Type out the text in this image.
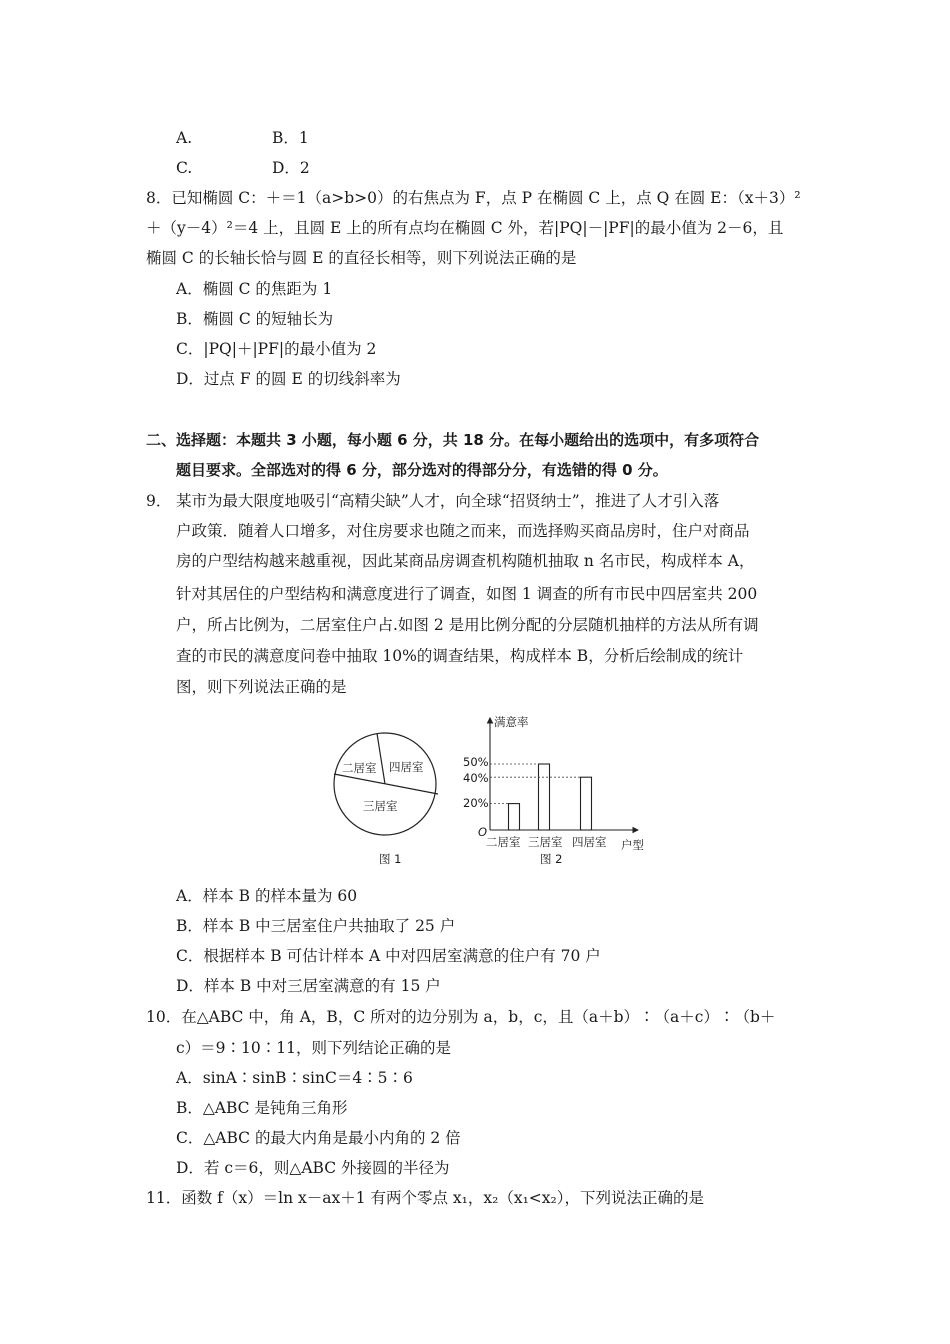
A.	B．1
C.	D．2
8．已知椭圆 C：＋＝1（a>b>0）的右焦点为 F，点 P 在椭圆 C 上，点 Q 在圆 E：（x＋3）²
＋（y－4）²＝4 上，且圆 E 上的所有点均在椭圆 C 外，若|PQ|－|PF|的最小值为 2－6，且
椭圆 C 的长轴长恰与圆 E 的直径长相等，则下列说法正确的是
A．椭圆 C 的焦距为 1
B．椭圆 C 的短轴长为
C．|PQ|＋|PF|的最小值为 2
D．过点 F 的圆 E 的切线斜率为
二、选择题：本题共 3 小题，每小题 6 分，共 18 分。在每小题给出的选项中，有多项符合
题目要求。全部选对的得 6 分，部分选对的得部分分，有选错的得 0 分。
9． 某市为最大限度地吸引“高精尖缺”人才，向全球“招贤纳士”，推进了人才引入落
户政策．随着人口增多，对住房要求也随之而来，而选择购买商品房时，住户对商品
房的户型结构越来越重视，因此某商品房调查机构随机抽取 n 名市民，构成样本 A，
针对其居住的户型结构和满意度进行了调查，如图 1 调查的所有市民中四居室共 200
户，所占比例为，二居室住户占.如图 2 是用比例分配的分层随机抽样的方法从所有调
查的市民的满意度问卷中抽取 10%的调查结果，构成样本 B，分析后绘制成的统计
图，则下列说法正确的是
二居室 四居室
三居室
图 1
满意率
户型
O
20%
40%
50%
二居室 三居室 四居室
图 2
A．样本 B 的样本量为 60
B．样本 B 中三居室住户共抽取了 25 户
C．根据样本 B 可估计样本 A 中对四居室满意的住户有 70 户
D．样本 B 中对三居室满意的有 15 户
10．在△ABC 中，角 A，B，C 所对的边分别为 a，b，c，且（a＋b）∶（a＋c）∶（b＋
c）＝9∶10∶11，则下列结论正确的是
A．sinA∶sinB∶sinC＝4∶5∶6
B．△ABC 是钝角三角形
C．△ABC 的最大内角是最小内角的 2 倍
D．若 c＝6，则△ABC 外接圆的半径为
11．函数 f（x）＝ln x－ax＋1 有两个零点 x₁，x₂（x₁<x₂），下列说法正确的是
